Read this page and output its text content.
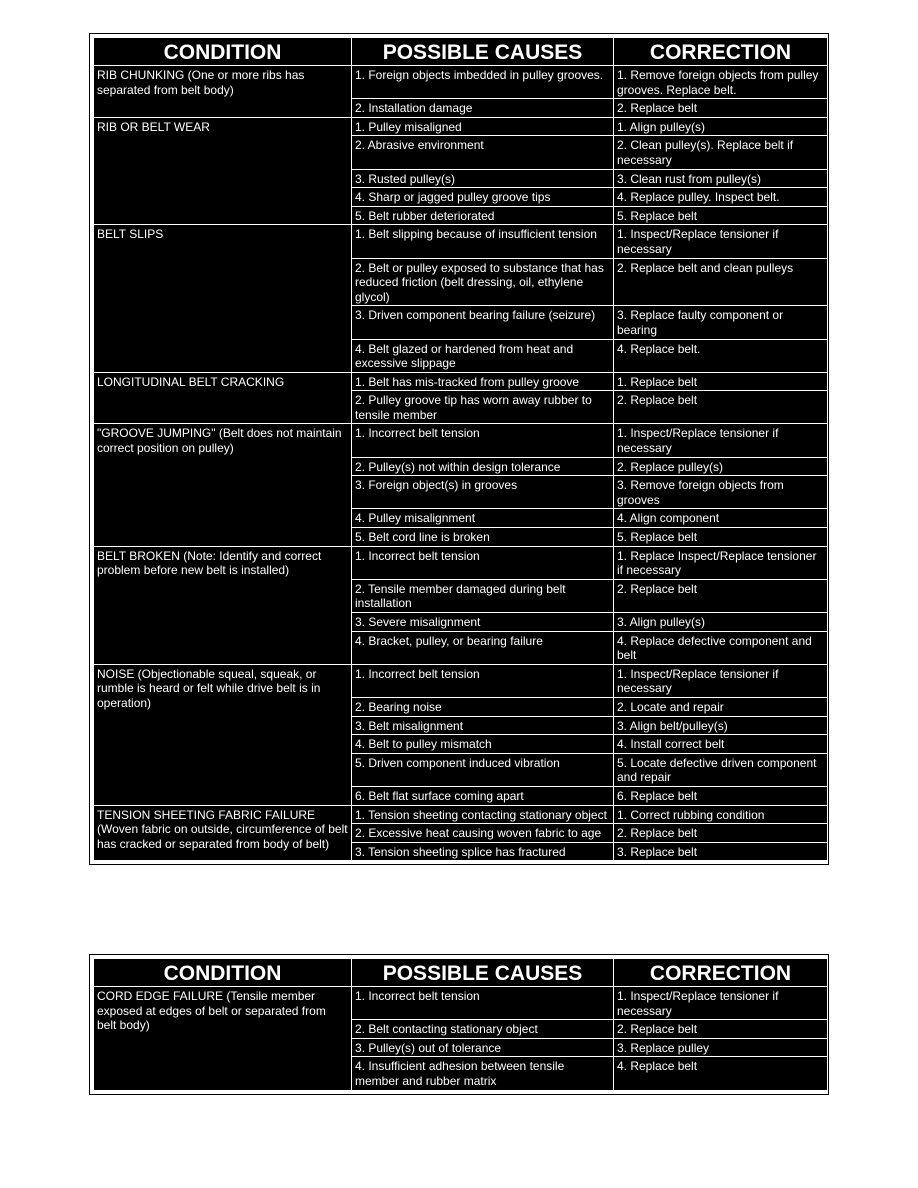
CONDITION	POSSIBLE CAUSES	CORRECTION
RIB CHUNKING (One or more ribs has separated from belt body)	1. Foreign objects imbedded in pulley grooves.	1. Remove foreign objects from pulley grooves. Replace belt.
	2. Installation damage	2. Replace belt
RIB OR BELT WEAR	1. Pulley misaligned	1. Align pulley(s)
	2. Abrasive environment	2. Clean pulley(s). Replace belt if necessary
	3. Rusted pulley(s)	3. Clean rust from pulley(s)
	4. Sharp or jagged pulley groove tips	4. Replace pulley. Inspect belt.
	5. Belt rubber deteriorated	5. Replace belt
BELT SLIPS	1. Belt slipping because of insufficient tension	1. Inspect/Replace tensioner if necessary
	2. Belt or pulley exposed to substance that has reduced friction (belt dressing, oil, ethylene glycol)	2. Replace belt and clean pulleys
	3. Driven component bearing failure (seizure)	3. Replace faulty component or bearing
	4. Belt glazed or hardened from heat and excessive slippage	4. Replace belt.
LONGITUDINAL BELT CRACKING	1. Belt has mis-tracked from pulley groove	1. Replace belt
	2. Pulley groove tip has worn away rubber to tensile member	2. Replace belt
"GROOVE JUMPING" (Belt does not maintain correct position on pulley)	1. Incorrect belt tension	1. Inspect/Replace tensioner if necessary
	2. Pulley(s) not within design tolerance	2. Replace pulley(s)
	3. Foreign object(s) in grooves	3. Remove foreign objects from grooves
	4. Pulley misalignment	4. Align component
	5. Belt cord line is broken	5. Replace belt
BELT BROKEN (Note: Identify and correct problem before new belt is installed)	1. Incorrect belt tension	1. Replace Inspect/Replace tensioner if necessary
	2. Tensile member damaged during belt installation	2. Replace belt
	3. Severe misalignment	3. Align pulley(s)
	4. Bracket, pulley, or bearing failure	4. Replace defective component and belt
NOISE (Objectionable squeal, squeak, or rumble is heard or felt while drive belt is in operation)	1. Incorrect belt tension	1. Inspect/Replace tensioner if necessary
	2. Bearing noise	2. Locate and repair
	3. Belt misalignment	3. Align belt/pulley(s)
	4. Belt to pulley mismatch	4. Install correct belt
	5. Driven component induced vibration	5. Locate defective driven component and repair
	6. Belt flat surface coming apart	6. Replace belt
TENSION SHEETING FABRIC FAILURE (Woven fabric on outside, circumference of belt has cracked or separated from body of belt)	1. Tension sheeting contacting stationary object	1. Correct rubbing condition
	2. Excessive heat causing woven fabric to age	2. Replace belt
	3. Tension sheeting splice has fractured	3. Replace belt
CONDITION	POSSIBLE CAUSES	CORRECTION
CORD EDGE FAILURE (Tensile member exposed at edges of belt or separated from belt body)	1. Incorrect belt tension	1. Inspect/Replace tensioner if necessary
	2. Belt contacting stationary object	2. Replace belt
	3. Pulley(s) out of tolerance	3. Replace pulley
	4. Insufficient adhesion between tensile member and rubber matrix	4. Replace belt
